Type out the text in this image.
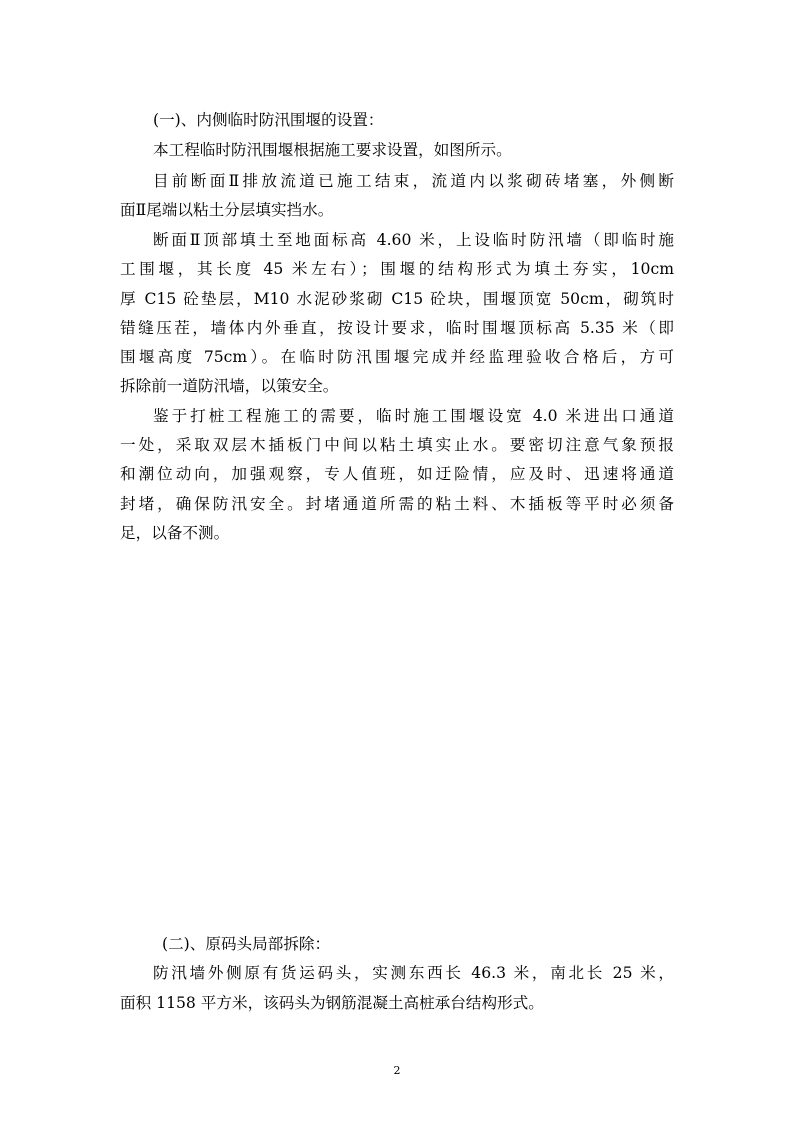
(一)、内侧临时防汛围堰的设置：
本工程临时防汛围堰根据施工要求设置，如图所示。
目前断面Ⅱ排放流道已施工结束，流道内以浆砌砖堵塞，外侧断
面Ⅱ尾端以粘土分层填实挡水。
断面Ⅱ顶部填土至地面标高 4.60 米，上设临时防汛墙（即临时施
工围堰，其长度 45 米左右）；围堰的结构形式为填土夯实，10cm
厚 C15 砼垫层，M10 水泥砂浆砌 C15 砼块，围堰顶宽 50cm，砌筑时
错缝压茬，墙体内外垂直，按设计要求，临时围堰顶标高 5.35 米（即
围堰高度 75cm）。在临时防汛围堰完成并经监理验收合格后，方可
拆除前一道防汛墙，以策安全。
鉴于打桩工程施工的需要，临时施工围堰设宽 4.0 米进出口通道
一处，采取双层木插板门中间以粘土填实止水。要密切注意气象预报
和潮位动向，加强观察，专人值班，如迂险情，应及时、迅速将通道
封堵，确保防汛安全。封堵通道所需的粘土料、木插板等平时必须备
足，以备不测。
(二)、原码头局部拆除：
防汛墙外侧原有货运码头，实测东西长 46.3 米，南北长 25 米，
面积 1158 平方米，该码头为钢筋混凝土高桩承台结构形式。
2
